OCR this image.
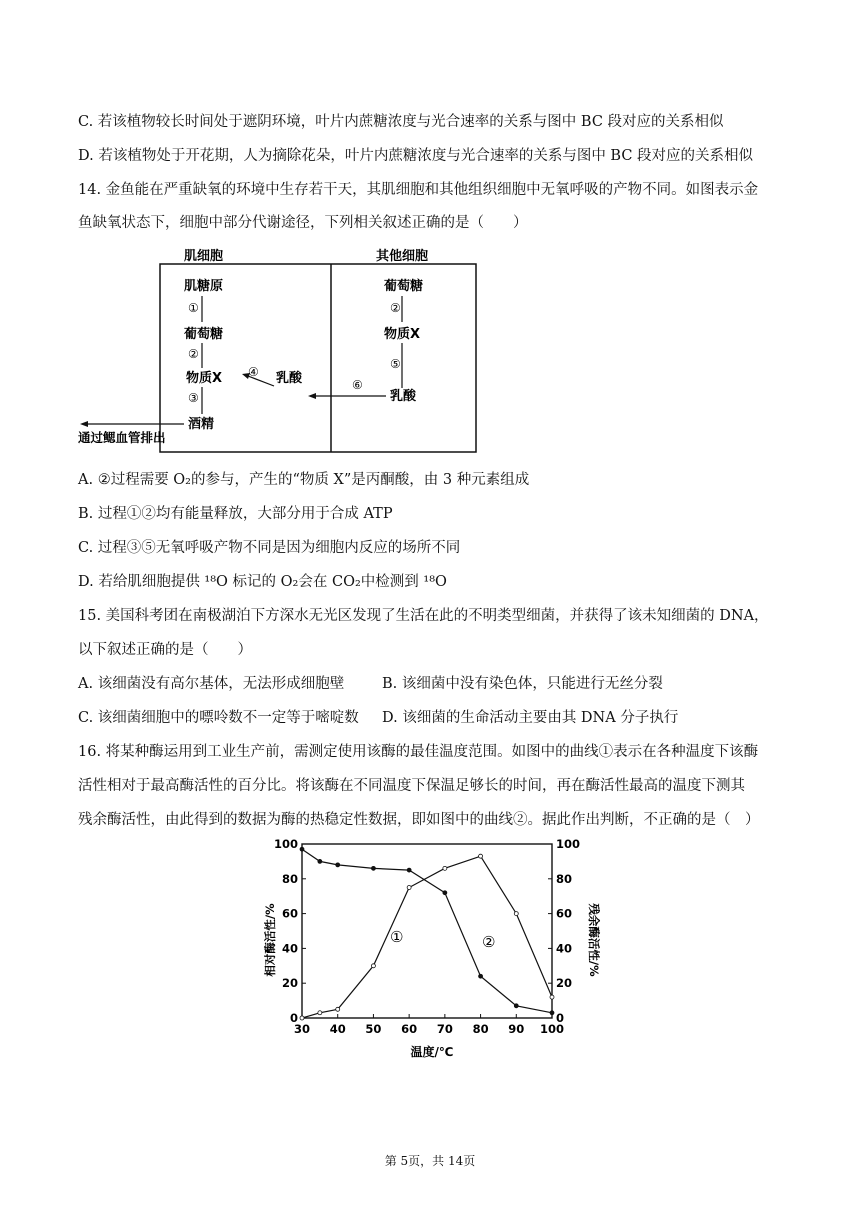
C. 若该植物较长时间处于遮阴环境，叶片内蔗糖浓度与光合速率的关系与图中 BC 段对应的关系相似
D. 若该植物处于开花期，人为摘除花朵，叶片内蔗糖浓度与光合速率的关系与图中 BC 段对应的关系相似
14. 金鱼能在严重缺氧的环境中生存若干天，其肌细胞和其他组织细胞中无氧呼吸的产物不同。如图表示金
鱼缺氧状态下，细胞中部分代谢途径，下列相关叙述正确的是（　　）
肌细胞	其他细胞
肌糖原
①
葡萄糖
②
物质X
③
酒精
乳酸
④
通过鳃血管排出
葡萄糖
②
物质X
⑤
乳酸
⑥
A. ②过程需要 O₂的参与，产生的“物质 X”是丙酮酸，由 3 种元素组成
B. 过程①②均有能量释放，大部分用于合成 ATP
C. 过程③⑤无氧呼吸产物不同是因为细胞内反应的场所不同
D. 若给肌细胞提供 ¹⁸O 标记的 O₂会在 CO₂中检测到 ¹⁸O
15. 美国科考团在南极湖泊下方深水无光区发现了生活在此的不明类型细菌，并获得了该未知细菌的 DNA，
以下叙述正确的是（　　）
A. 该细菌没有高尔基体，无法形成细胞壁	B. 该细菌中没有染色体，只能进行无丝分裂
C. 该细菌细胞中的嘌呤数不一定等于嘧啶数 D. 该细菌的生命活动主要由其 DNA 分子执行
16. 将某种酶运用到工业生产前，需测定使用该酶的最佳温度范围。如图中的曲线①表示在各种温度下该酶
活性相对于最高酶活性的百分比。将该酶在不同温度下保温足够长的时间，再在酶活性最高的温度下测其
残余酶活性，由此得到的数据为酶的热稳定性数据，即如图中的曲线②。据此作出判断，不正确的是（　）
相对酶活性/%	残余酶活性/%
温度/℃
30 40 50 60 70 80 90 100
0	0
20	20
40	40
60	60
80	80
100	100
①	②
第 5页，共 14页
